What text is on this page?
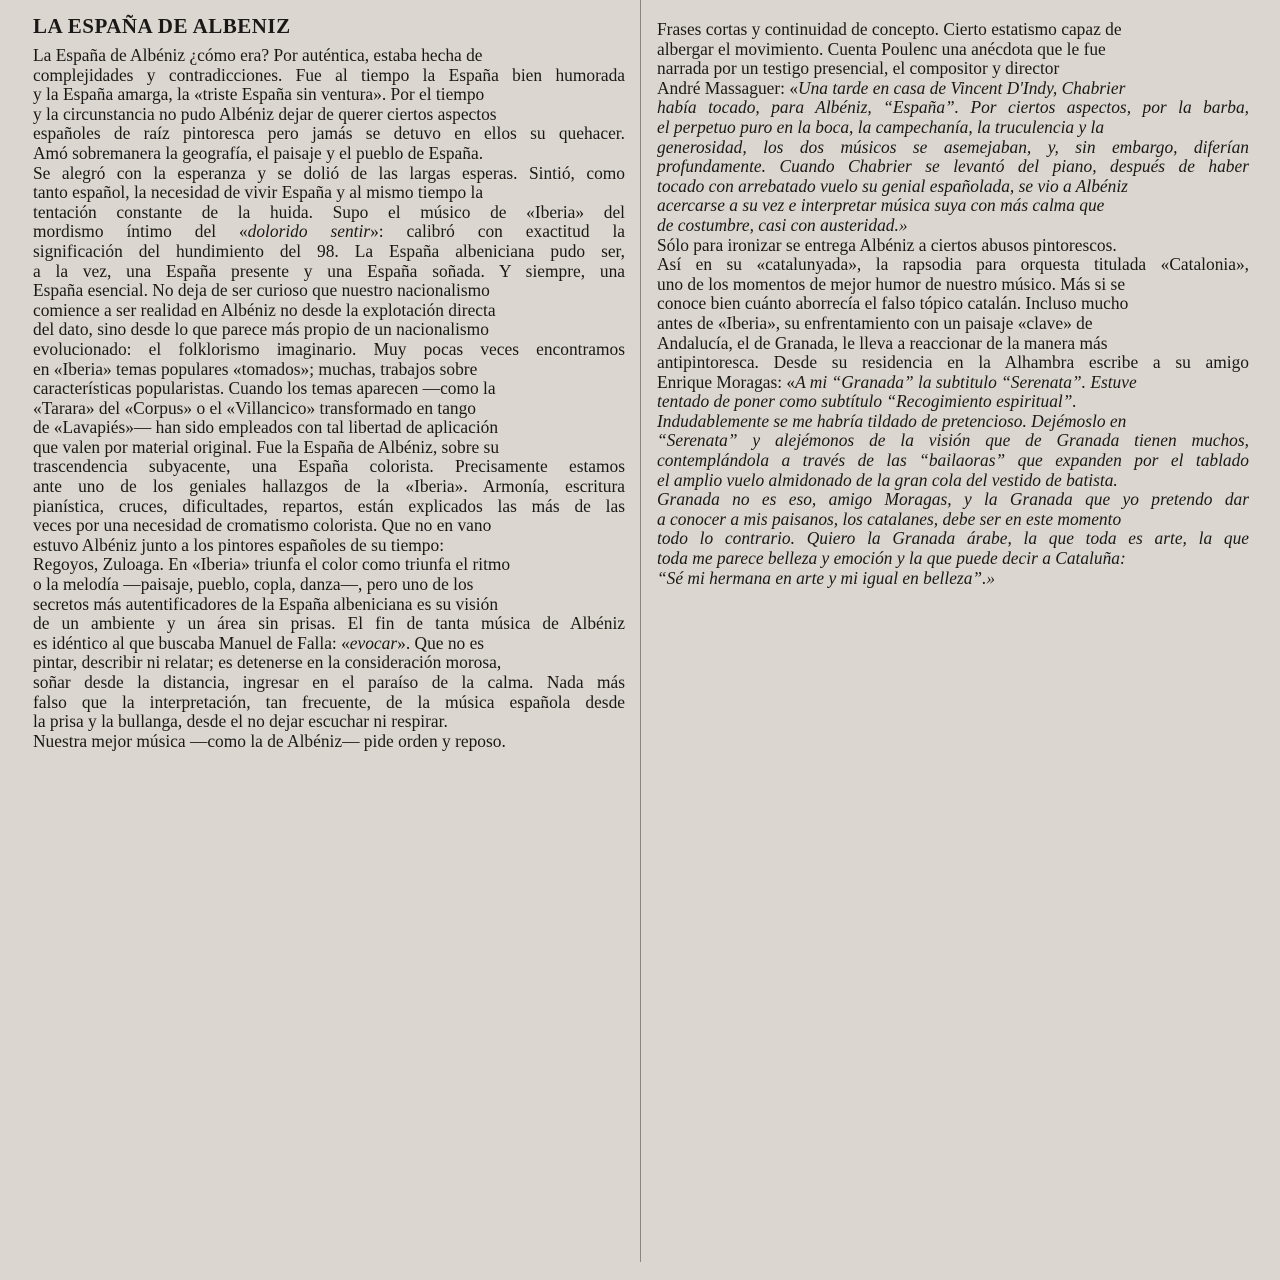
LA ESPAÑA DE ALBENIZ
La España de Albéniz ¿cómo era? Por auténtica, estaba hecha de
complejidades y contradicciones. Fue al tiempo la España bien humorada
y la España amarga, la «triste España sin ventura». Por el tiempo
y la circunstancia no pudo Albéniz dejar de querer ciertos aspectos
españoles de raíz pintoresca pero jamás se detuvo en ellos su quehacer.
Amó sobremanera la geografía, el paisaje y el pueblo de España.
Se alegró con la esperanza y se dolió de las largas esperas. Sintió, como
tanto español, la necesidad de vivir España y al mismo tiempo la
tentación constante de la huida. Supo el músico de «Iberia» del
mordismo íntimo del «dolorido sentir»: calibró con exactitud la
significación del hundimiento del 98. La España albeniciana pudo ser,
a la vez, una España presente y una España soñada. Y siempre, una
España esencial. No deja de ser curioso que nuestro nacionalismo
comience a ser realidad en Albéniz no desde la explotación directa
del dato, sino desde lo que parece más propio de un nacionalismo
evolucionado: el folklorismo imaginario. Muy pocas veces encontramos
en «Iberia» temas populares «tomados»; muchas, trabajos sobre
características popularistas. Cuando los temas aparecen —como la
«Tarara» del «Corpus» o el «Villancico» transformado en tango
de «Lavapiés»— han sido empleados con tal libertad de aplicación
que valen por material original. Fue la España de Albéniz, sobre su
trascendencia subyacente, una España colorista. Precisamente estamos
ante uno de los geniales hallazgos de la «Iberia». Armonía, escritura
pianística, cruces, dificultades, repartos, están explicados las más de las
veces por una necesidad de cromatismo colorista. Que no en vano
estuvo Albéniz junto a los pintores españoles de su tiempo:
Regoyos, Zuloaga. En «Iberia» triunfa el color como triunfa el ritmo
o la melodía —paisaje, pueblo, copla, danza—, pero uno de los
secretos más autentificadores de la España albeniciana es su visión
de un ambiente y un área sin prisas. El fin de tanta música de Albéniz
es idéntico al que buscaba Manuel de Falla: «evocar». Que no es
pintar, describir ni relatar; es detenerse en la consideración morosa,
soñar desde la distancia, ingresar en el paraíso de la calma. Nada más
falso que la interpretación, tan frecuente, de la música española desde
la prisa y la bullanga, desde el no dejar escuchar ni respirar.
Nuestra mejor música —como la de Albéniz— pide orden y reposo.
Frases cortas y continuidad de concepto. Cierto estatismo capaz de
albergar el movimiento. Cuenta Poulenc una anécdota que le fue
narrada por un testigo presencial, el compositor y director
André Massaguer: «Una tarde en casa de Vincent D'Indy, Chabrier
había tocado, para Albéniz, “España”. Por ciertos aspectos, por la barba,
el perpetuo puro en la boca, la campechanía, la truculencia y la
generosidad, los dos músicos se asemejaban, y, sin embargo, diferían
profundamente. Cuando Chabrier se levantó del piano, después de haber
tocado con arrebatado vuelo su genial españolada, se vio a Albéniz
acercarse a su vez e interpretar música suya con más calma que
de costumbre, casi con austeridad.»
Sólo para ironizar se entrega Albéniz a ciertos abusos pintorescos.
Así en su «catalunyada», la rapsodia para orquesta titulada «Catalonia»,
uno de los momentos de mejor humor de nuestro músico. Más si se
conoce bien cuánto aborrecía el falso tópico catalán. Incluso mucho
antes de «Iberia», su enfrentamiento con un paisaje «clave» de
Andalucía, el de Granada, le lleva a reaccionar de la manera más
antipintoresca. Desde su residencia en la Alhambra escribe a su amigo
Enrique Moragas: «A mi “Granada” la subtitulo “Serenata”. Estuve
tentado de poner como subtítulo “Recogimiento espiritual”.
Indudablemente se me habría tildado de pretencioso. Dejémoslo en
“Serenata” y alejémonos de la visión que de Granada tienen muchos,
contemplándola a través de las “bailaoras” que expanden por el tablado
el amplio vuelo almidonado de la gran cola del vestido de batista.
Granada no es eso, amigo Moragas, y la Granada que yo pretendo dar
a conocer a mis paisanos, los catalanes, debe ser en este momento
todo lo contrario. Quiero la Granada árabe, la que toda es arte, la que
toda me parece belleza y emoción y la que puede decir a Cataluña:
“Sé mi hermana en arte y mi igual en belleza”.»
